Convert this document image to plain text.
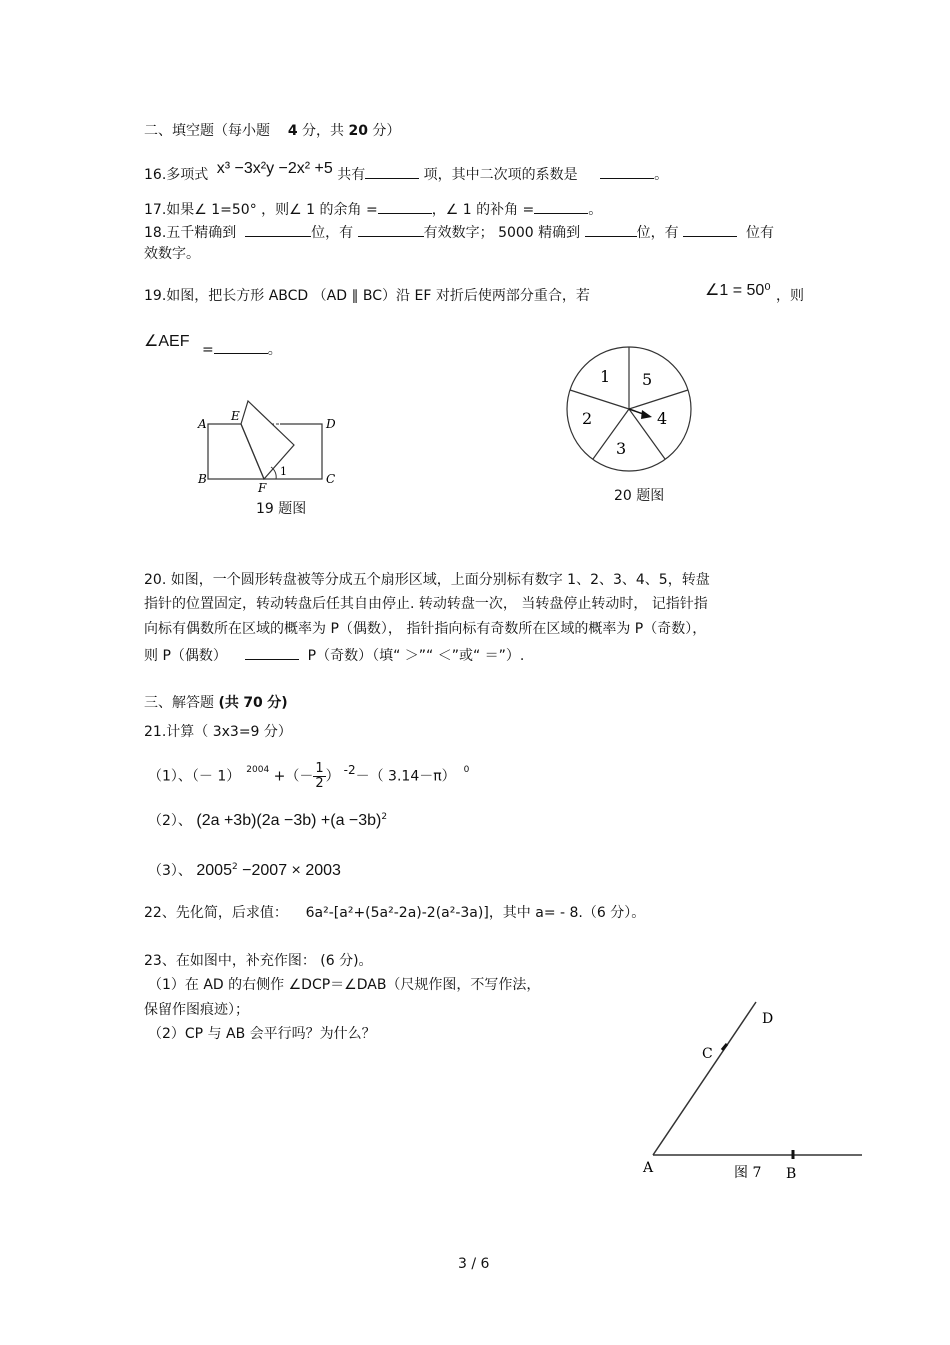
二、填空题（每小题 4 分，共 20 分）
16.多项式 x³ −3x²y −2x² +5 共有	项，其中二次项的系数是	。
17.如果∠ 1=50° ，则∠ 1 的余角 =	，∠ 1 的补角 =	。
18.五千精确到	位，有	有效数字； 5000 精确到	位，有	位有
效数字。
19.如图，把长方形 ABCD （AD ∥ BC）沿 EF 对折后使两部分重合，若	∠1 = 50⁰ ，则
∠AEF =	。
A
E
D
B
F
C
1
19 题图
1 5
4
3
2
20 题图
20. 如图，一个圆形转盘被等分成五个扇形区域，上面分别标有数字 1、2、3、4、5，转盘
指针的位置固定，转动转盘后任其自由停止. 转动转盘一次， 当转盘停止转动时， 记指针指
向标有偶数所在区域的概率为 P（偶数）， 指针指向标有奇数所在区域的概率为 P（奇数），
则 P（偶数）	P（奇数）（填“ ＞”“ ＜”或“ ＝”）.
三、解答题 (共 70 分)
21.计算（ 3x3=9 分）
（1）、（－ 1） $^{2004}$ +（－ $\frac{1}{2}$ ） $^{-2}$－（ 3.14－π） $^0$
（2）、 $(2a +3b)(2a -3b) +(a -3b)^2$
（3）、 $2005^2 -2007 \times 2003$
22、先化简，后求值： 6a²-[a²+(5a²-2a)-2(a²-3a)]，其中 a= - 8.（6 分）。
23、在如图中，补充作图： (6 分)。
（1）在 AD 的右侧作 ∠DCP＝∠DAB（尺规作图，不写作法，
保留作图痕迹）；
（2）CP 与 AB 会平行吗？为什么？
D
C
A	B
图 7
3 / 6
